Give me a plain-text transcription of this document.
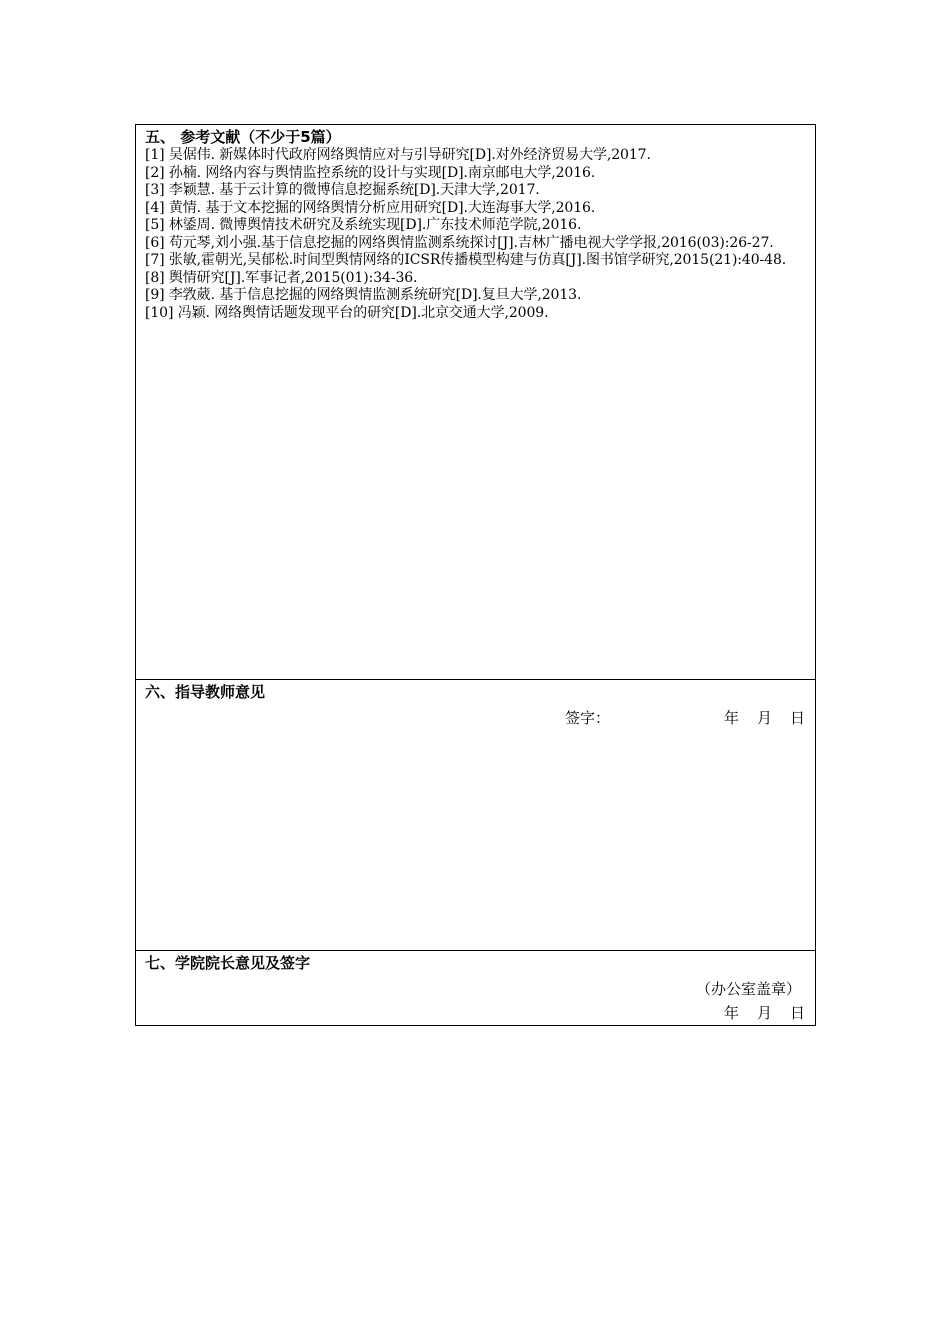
五、 参考文献（不少于5篇）
[1] 吴倨伟. 新媒体时代政府网络舆情应对与引导研究[D].对外经济贸易大学,2017.
[2] 孙楠. 网络内容与舆情监控系统的设计与实现[D].南京邮电大学,2016.
[3] 李颖慧. 基于云计算的微博信息挖掘系统[D].天津大学,2017.
[4] 黄情. 基于文本挖掘的网络舆情分析应用研究[D].大连海事大学,2016.
[5] 林鋈周. 微博舆情技术研究及系统实现[D].广东技术师范学院,2016.
[6] 苟元琴,刘小强.基于信息挖掘的网络舆情监测系统探讨[J].吉林广播电视大学学报,2016(03):26-27.
[7] 张敏,霍朝光,吴郁松.时间型舆情网络的ICSR传播模型构建与仿真[J].图书馆学研究,2015(21):40-48.
[8] 舆情研究[J].军事记者,2015(01):34-36.
[9] 李敩葳. 基于信息挖掘的网络舆情监测系统研究[D].复旦大学,2013.
[10] 冯颖. 网络舆情话题发现平台的研究[D].北京交通大学,2009.
六、指导教师意见
签字：	年 月 日
七、学院院长意见及签字
（办公室盖章）
年 月 日
